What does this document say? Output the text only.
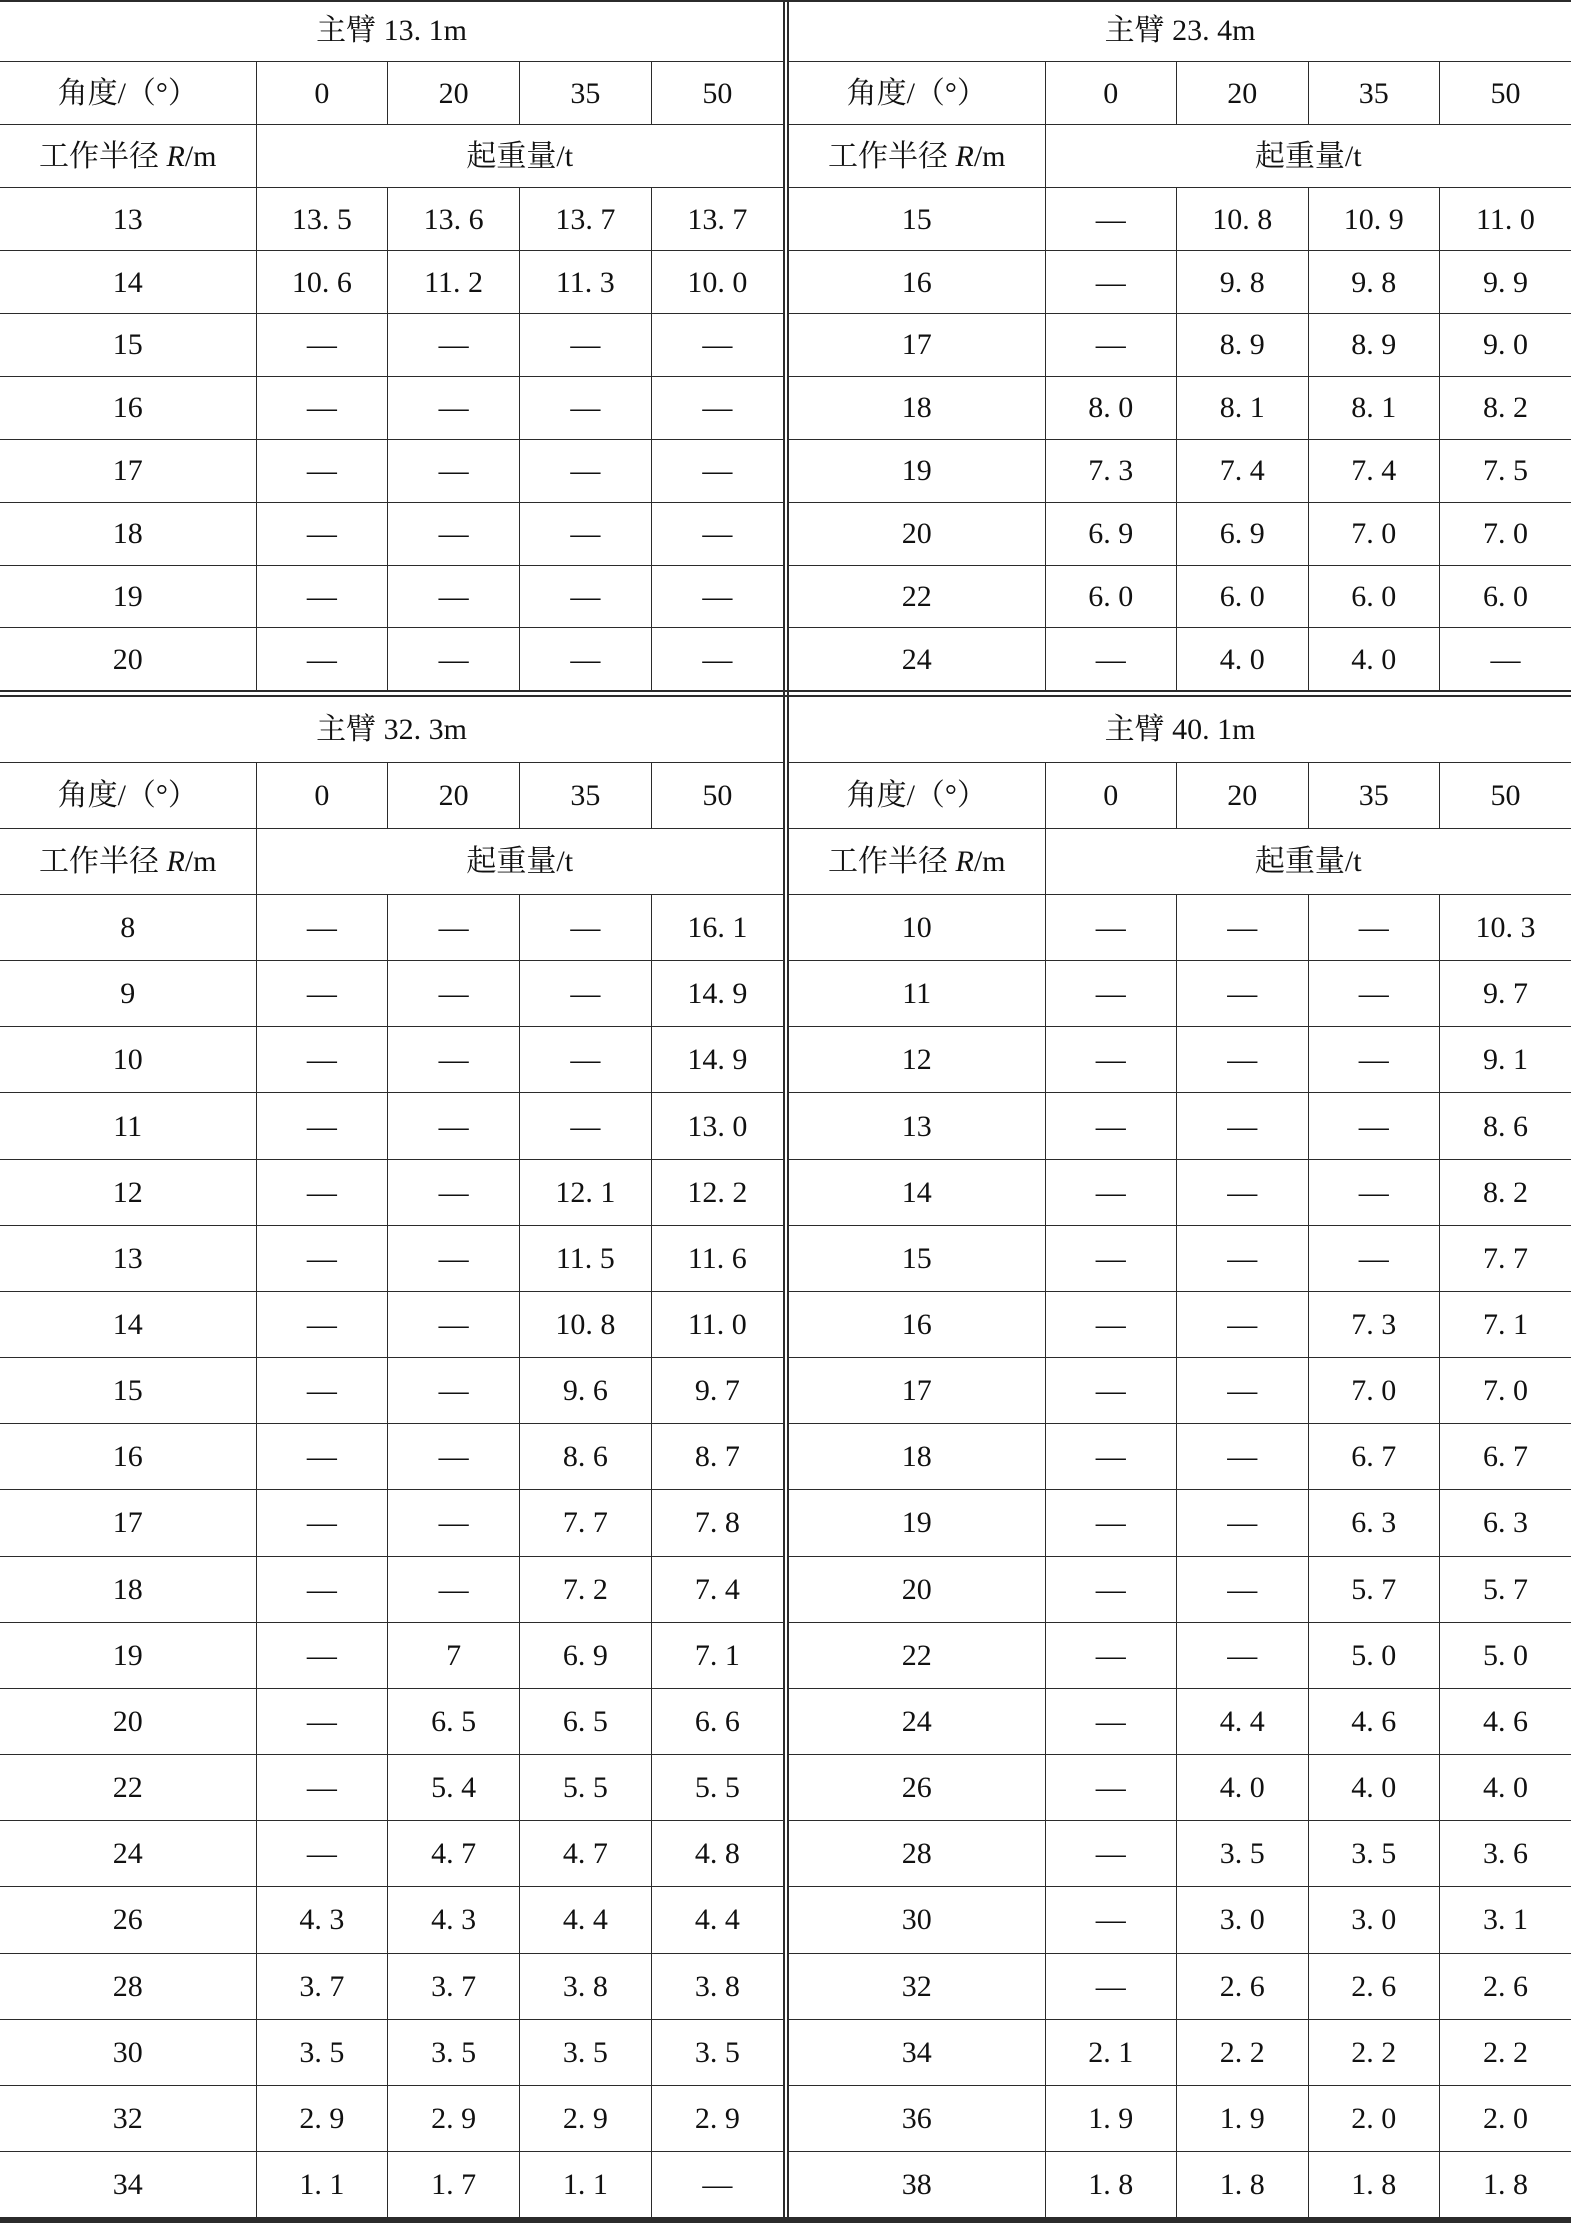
主臂 13. 1m				
角度/（°）	0	20	35	50
工作半径 R/m	起重量/t			
13	13. 5	13. 6	13. 7	13. 7
14	10. 6	11. 2	11. 3	10. 0
15	—	—	—	—
16	—	—	—	—
17	—	—	—	—
18	—	—	—	—
19	—	—	—	—
20	—	—	—	—
主臂 23. 4m				
角度/（°）	0	20	35	50
工作半径 R/m	起重量/t			
15	—	10. 8	10. 9	11. 0
16	—	9. 8	9. 8	9. 9
17	—	8. 9	8. 9	9. 0
18	8. 0	8. 1	8. 1	8. 2
19	7. 3	7. 4	7. 4	7. 5
20	6. 9	6. 9	7. 0	7. 0
22	6. 0	6. 0	6. 0	6. 0
24	—	4. 0	4. 0	—
主臂 32. 3m				
角度/（°）	0	20	35	50
工作半径 R/m	起重量/t			
8	—	—	—	16. 1
9	—	—	—	14. 9
10	—	—	—	14. 9
11	—	—	—	13. 0
12	—	—	12. 1	12. 2
13	—	—	11. 5	11. 6
14	—	—	10. 8	11. 0
15	—	—	9. 6	9. 7
16	—	—	8. 6	8. 7
17	—	—	7. 7	7. 8
18	—	—	7. 2	7. 4
19	—	7	6. 9	7. 1
20	—	6. 5	6. 5	6. 6
22	—	5. 4	5. 5	5. 5
24	—	4. 7	4. 7	4. 8
26	4. 3	4. 3	4. 4	4. 4
28	3. 7	3. 7	3. 8	3. 8
30	3. 5	3. 5	3. 5	3. 5
32	2. 9	2. 9	2. 9	2. 9
34	1. 1	1. 7	1. 1	—
主臂 40. 1m				
角度/（°）	0	20	35	50
工作半径 R/m	起重量/t			
10	—	—	—	10. 3
11	—	—	—	9. 7
12	—	—	—	9. 1
13	—	—	—	8. 6
14	—	—	—	8. 2
15	—	—	—	7. 7
16	—	—	7. 3	7. 1
17	—	—	7. 0	7. 0
18	—	—	6. 7	6. 7
19	—	—	6. 3	6. 3
20	—	—	5. 7	5. 7
22	—	—	5. 0	5. 0
24	—	4. 4	4. 6	4. 6
26	—	4. 0	4. 0	4. 0
28	—	3. 5	3. 5	3. 6
30	—	3. 0	3. 0	3. 1
32	—	2. 6	2. 6	2. 6
34	2. 1	2. 2	2. 2	2. 2
36	1. 9	1. 9	2. 0	2. 0
38	1. 8	1. 8	1. 8	1. 8
